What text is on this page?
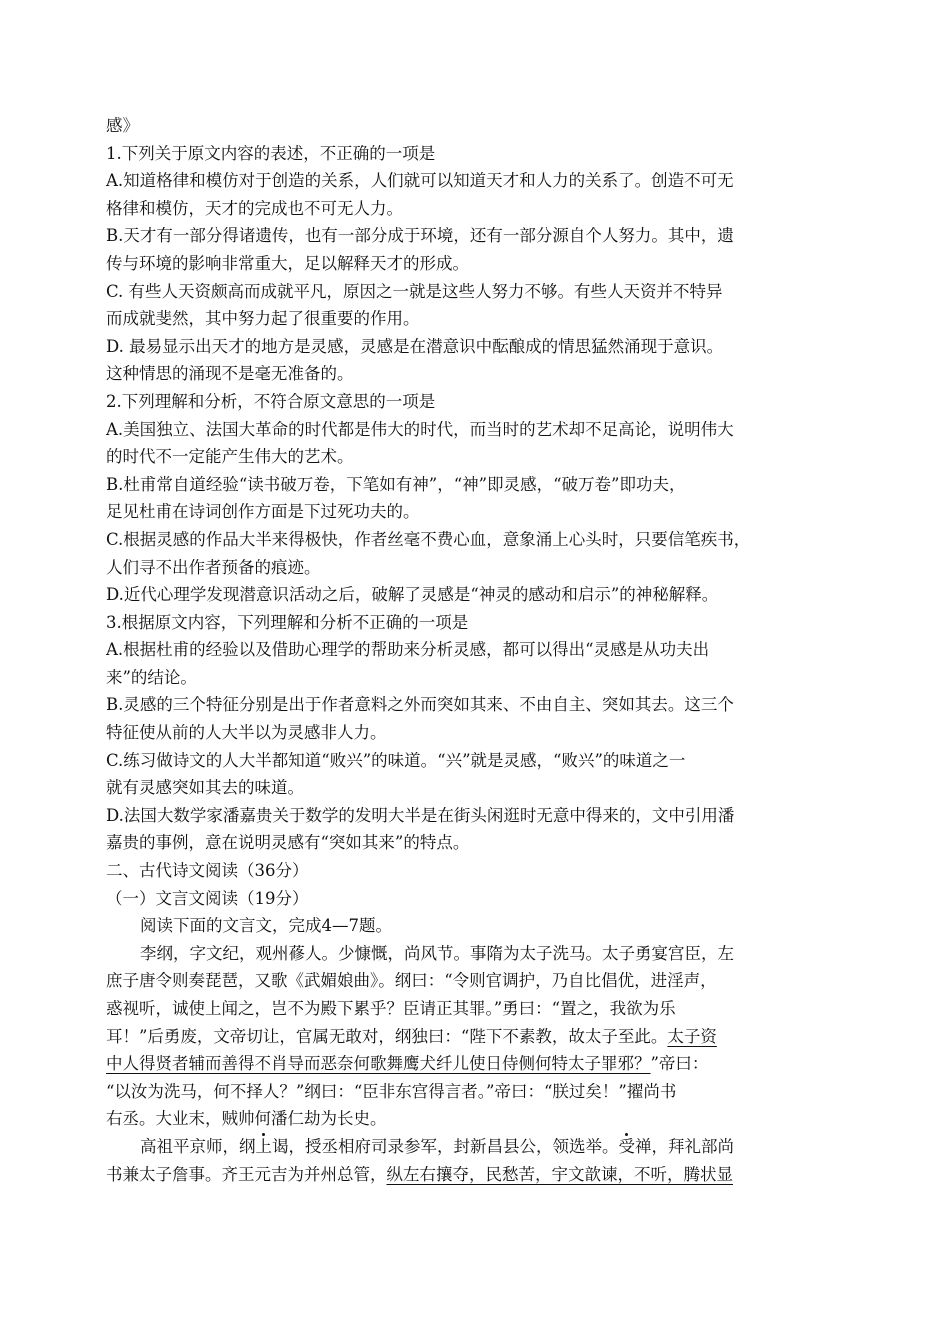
感》
1.下列关于原文内容的表述，不正确的一项是
A.知道格律和模仿对于创造的关系，人们就可以知道天才和人力的关系了。创造不可无
格律和模仿，天才的完成也不可无人力。
B.天才有一部分得诸遗传，也有一部分成于环境，还有一部分源自个人努力。其中，遗
传与环境的影响非常重大，足以解释天才的形成。
C. 有些人天资颇高而成就平凡，原因之一就是这些人努力不够。有些人天资并不特异
而成就斐然，其中努力起了很重要的作用。
D. 最易显示出天才的地方是灵感，灵感是在潜意识中酝酿成的情思猛然涌现于意识。
这种情思的涌现不是毫无准备的。
2.下列理解和分析，不符合原文意思的一项是
A.美国独立、法国大革命的时代都是伟大的时代，而当时的艺术却不足高论，说明伟大
的时代不一定能产生伟大的艺术。
B.杜甫常自道经验“读书破万卷，下笔如有神”，“神”即灵感，“破万卷”即功夫，
足见杜甫在诗词创作方面是下过死功夫的。
C.根据灵感的作品大半来得极快，作者丝毫不费心血，意象涌上心头时，只要信笔疾书，
人们寻不出作者预备的痕迹。
D.近代心理学发现潜意识活动之后，破解了灵感是“神灵的感动和启示”的神秘解释。
3.根据原文内容，下列理解和分析不正确的一项是
A.根据杜甫的经验以及借助心理学的帮助来分析灵感，都可以得出“灵感是从功夫出
来”的结论。
B.灵感的三个特征分别是出于作者意料之外而突如其来、不由自主、突如其去。这三个
特征使从前的人大半以为灵感非人力。
C.练习做诗文的人大半都知道“败兴”的味道。“兴”就是灵感，“败兴”的味道之一
就有灵感突如其去的味道。
D.法国大数学家潘嘉贵关于数学的发明大半是在街头闲逛时无意中得来的，文中引用潘
嘉贵的事例，意在说明灵感有“突如其来”的特点。
二、古代诗文阅读（36分）
（一）文言文阅读（19分）
阅读下面的文言文，完成4—7题。
李纲，字文纪，观州蓚人。少慷慨，尚风节。事隋为太子洗马。太子勇宴宫臣，左
庶子唐令则奏琵琶，又歌《武媚娘曲》。纲曰：“令则官调护，乃自比倡优，进淫声，
惑视听，诚使上闻之，岂不为殿下累乎？臣请正其罪。”勇曰：“置之，我欲为乐
耳！”后勇废，文帝切让，官属无敢对，纲独曰：“陛下不素教，故太子至此。太子资
中人得贤者辅而善得不肖导而恶奈何歌舞鹰犬纤儿使日侍侧何特太子罪邪？”帝曰：
“以汝为洗马，何不择人？”纲曰：“臣非东宫得言者。”帝曰：“朕过矣！”擢尚书
右丞。大业末，贼帅何潘仁劫为长史。
高祖平京师，纲上谒，授丞相府司录参军，封新昌县公，领选举。受禅，拜礼部尚
书兼太子詹事。齐王元吉为并州总管，纵左右攘夺，民愁苦，宇文歆谏，不听，腾状显
